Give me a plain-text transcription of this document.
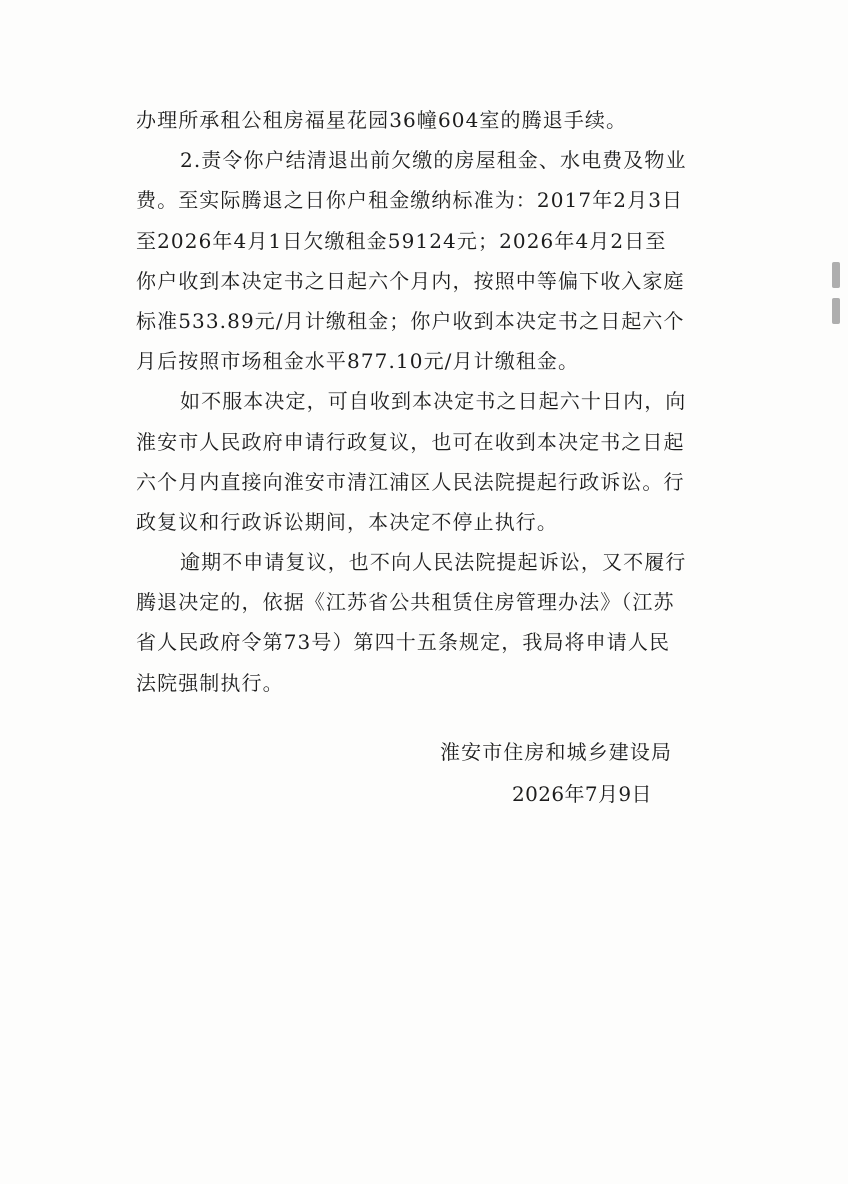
办理所承租公租房福星花园36幢604室的腾退手续。
2.责令你户结清退出前欠缴的房屋租金、水电费及物业
费。至实际腾退之日你户租金缴纳标准为：2017年2月3日
至2026年4月1日欠缴租金59124元；2026年4月2日至
你户收到本决定书之日起六个月内，按照中等偏下收入家庭
标准533.89元/月计缴租金；你户收到本决定书之日起六个
月后按照市场租金水平877.10元/月计缴租金。
如不服本决定，可自收到本决定书之日起六十日内，向
淮安市人民政府申请行政复议，也可在收到本决定书之日起
六个月内直接向淮安市清江浦区人民法院提起行政诉讼。行
政复议和行政诉讼期间，本决定不停止执行。
逾期不申请复议，也不向人民法院提起诉讼，又不履行
腾退决定的，依据《江苏省公共租赁住房管理办法》（江苏
省人民政府令第73号）第四十五条规定，我局将申请人民
法院强制执行。
淮安市住房和城乡建设局
2026年7月9日
